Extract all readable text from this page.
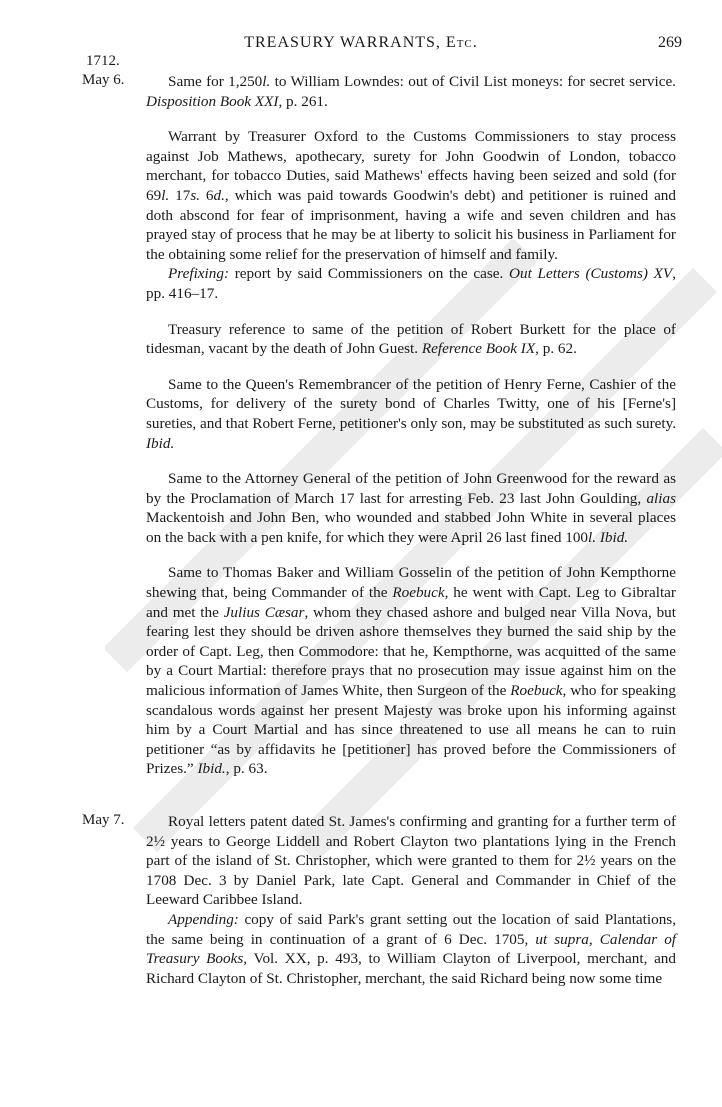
TREASURY WARRANTS, Etc.	269
1712.
May 6.
May 7.

Same for 1,250l. to William Lowndes: out of Civil List moneys: for secret service. Disposition Book XXI, p. 261.

Warrant by Treasurer Oxford to the Customs Commissioners to stay process against Job Mathews, apothecary, surety for John Goodwin of London, tobacco merchant, for tobacco Duties, said Mathews' effects having been seized and sold (for 69l. 17s. 6d., which was paid towards Goodwin's debt) and petitioner is ruined and doth abscond for fear of imprisonment, having a wife and seven children and has prayed stay of process that he may be at liberty to solicit his business in Parliament for the obtaining some relief for the preservation of himself and family.

Prefixing: report by said Commissioners on the case. Out Letters (Customs) XV, pp. 416–17.

Treasury reference to same of the petition of Robert Burkett for the place of tidesman, vacant by the death of John Guest. Reference Book IX, p. 62.

Same to the Queen's Remembrancer of the petition of Henry Ferne, Cashier of the Customs, for delivery of the surety bond of Charles Twitty, one of his [Ferne's] sureties, and that Robert Ferne, petitioner's only son, may be substituted as such surety. Ibid.

Same to the Attorney General of the petition of John Greenwood for the reward as by the Proclamation of March 17 last for arresting Feb. 23 last John Goulding, alias Mackentoish and John Ben, who wounded and stabbed John White in several places on the back with a pen knife, for which they were April 26 last fined 100l. Ibid.

Same to Thomas Baker and William Gosselin of the petition of John Kempthorne shewing that, being Commander of the Roebuck, he went with Capt. Leg to Gibraltar and met the Julius Cæsar, whom they chased ashore and bulged near Villa Nova, but fearing lest they should be driven ashore themselves they burned the said ship by the order of Capt. Leg, then Commodore: that he, Kempthorne, was acquitted of the same by a Court Martial: therefore prays that no prosecution may issue against him on the malicious information of James White, then Surgeon of the Roebuck, who for speaking scandalous words against her present Majesty was broke upon his informing against him by a Court Martial and has since threatened to use all means he can to ruin petitioner “as by affidavits he [petitioner] has proved before the Commissioners of Prizes.” Ibid., p. 63.

Royal letters patent dated St. James's confirming and granting for a further term of 2½ years to George Liddell and Robert Clayton two plantations lying in the French part of the island of St. Christopher, which were granted to them for 2½ years on the 1708 Dec. 3 by Daniel Park, late Capt. General and Commander in Chief of the Leeward Caribbee Island.

Appending: copy of said Park's grant setting out the location of said Plantations, the same being in continuation of a grant of 6 Dec. 1705, ut supra, Calendar of Treasury Books, Vol. XX, p. 493, to William Clayton of Liverpool, merchant, and Richard Clayton of St. Christopher, merchant, the said Richard being now some time
